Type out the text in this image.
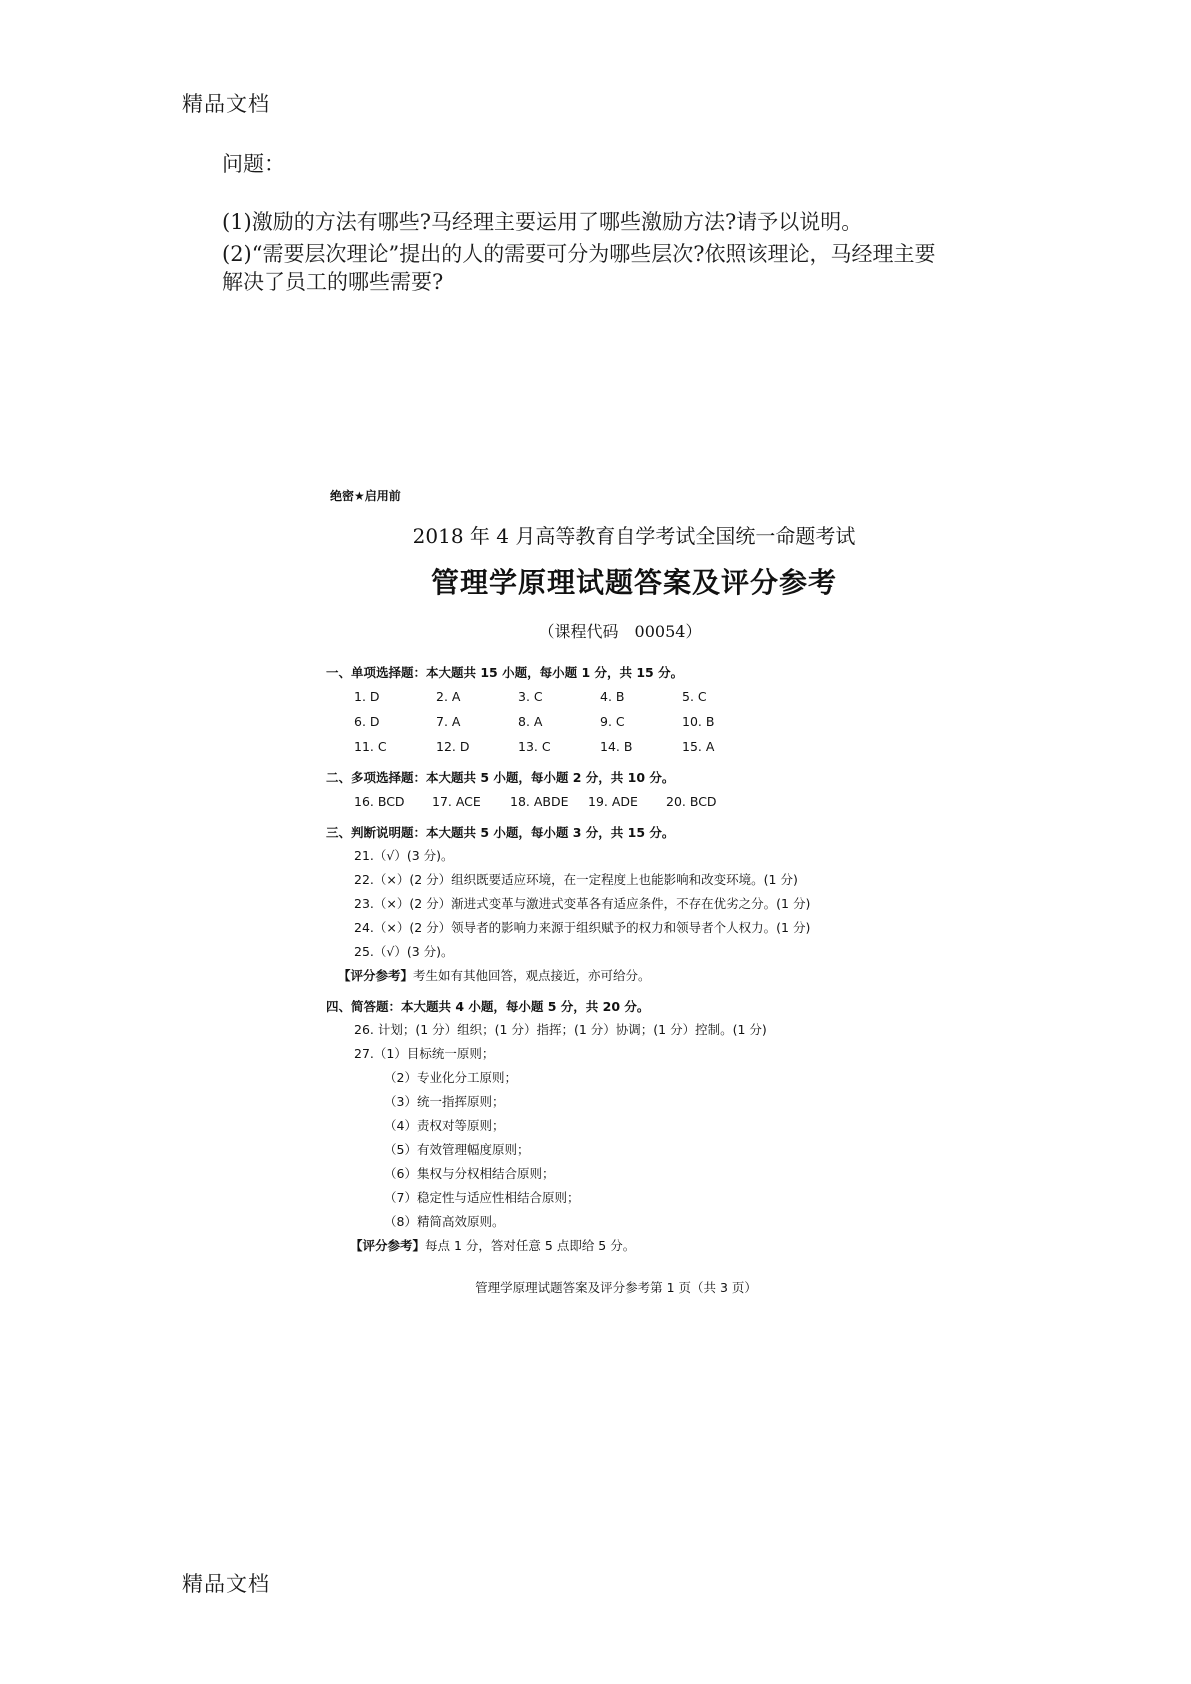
精品文档

问题：

(1)激励的方法有哪些?马经理主要运用了哪些激励方法?请予以说明。

(2)“需要层次理论”提出的人的需要可分为哪些层次?依照该理论，马经理主要

解决了员工的哪些需要?

绝密★启用前
2018 年 4 月高等教育自学考试全国统一命题考试
管理学原理试题答案及评分参考
（课程代码　00054）
一、单项选择题：本大题共 15 小题，每小题 1 分，共 15 分。
1. D	2. A	3. C	4. B	5. C
6. D	7. A	8. A	9. C	10. B
11. C	12. D	13. C	14. B	15. A
二、多项选择题：本大题共 5 小题，每小题 2 分，共 10 分。
16. BCD	17. ACE	18. ABDE	19. ADE	20. BCD
三、判断说明题：本大题共 5 小题，每小题 3 分，共 15 分。
21.（√）(3 分)。
22.（×）(2 分）组织既要适应环境，在一定程度上也能影响和改变环境。(1 分)
23.（×）(2 分）渐进式变革与激进式变革各有适应条件，不存在优劣之分。(1 分)
24.（×）(2 分）领导者的影响力来源于组织赋予的权力和领导者个人权力。(1 分)
25.（√）(3 分)。
【评分参考】考生如有其他回答，观点接近，亦可给分。
四、简答题：本大题共 4 小题，每小题 5 分，共 20 分。
26. 计划；(1 分）组织；(1 分）指挥；(1 分）协调；(1 分）控制。(1 分)
27.（1）目标统一原则；
（2）专业化分工原则；
（3）统一指挥原则；
（4）责权对等原则；
（5）有效管理幅度原则；
（6）集权与分权相结合原则；
（7）稳定性与适应性相结合原则；
（8）精简高效原则。
【评分参考】每点 1 分，答对任意 5 点即给 5 分。
管理学原理试题答案及评分参考第 1 页（共 3 页）
精品文档
